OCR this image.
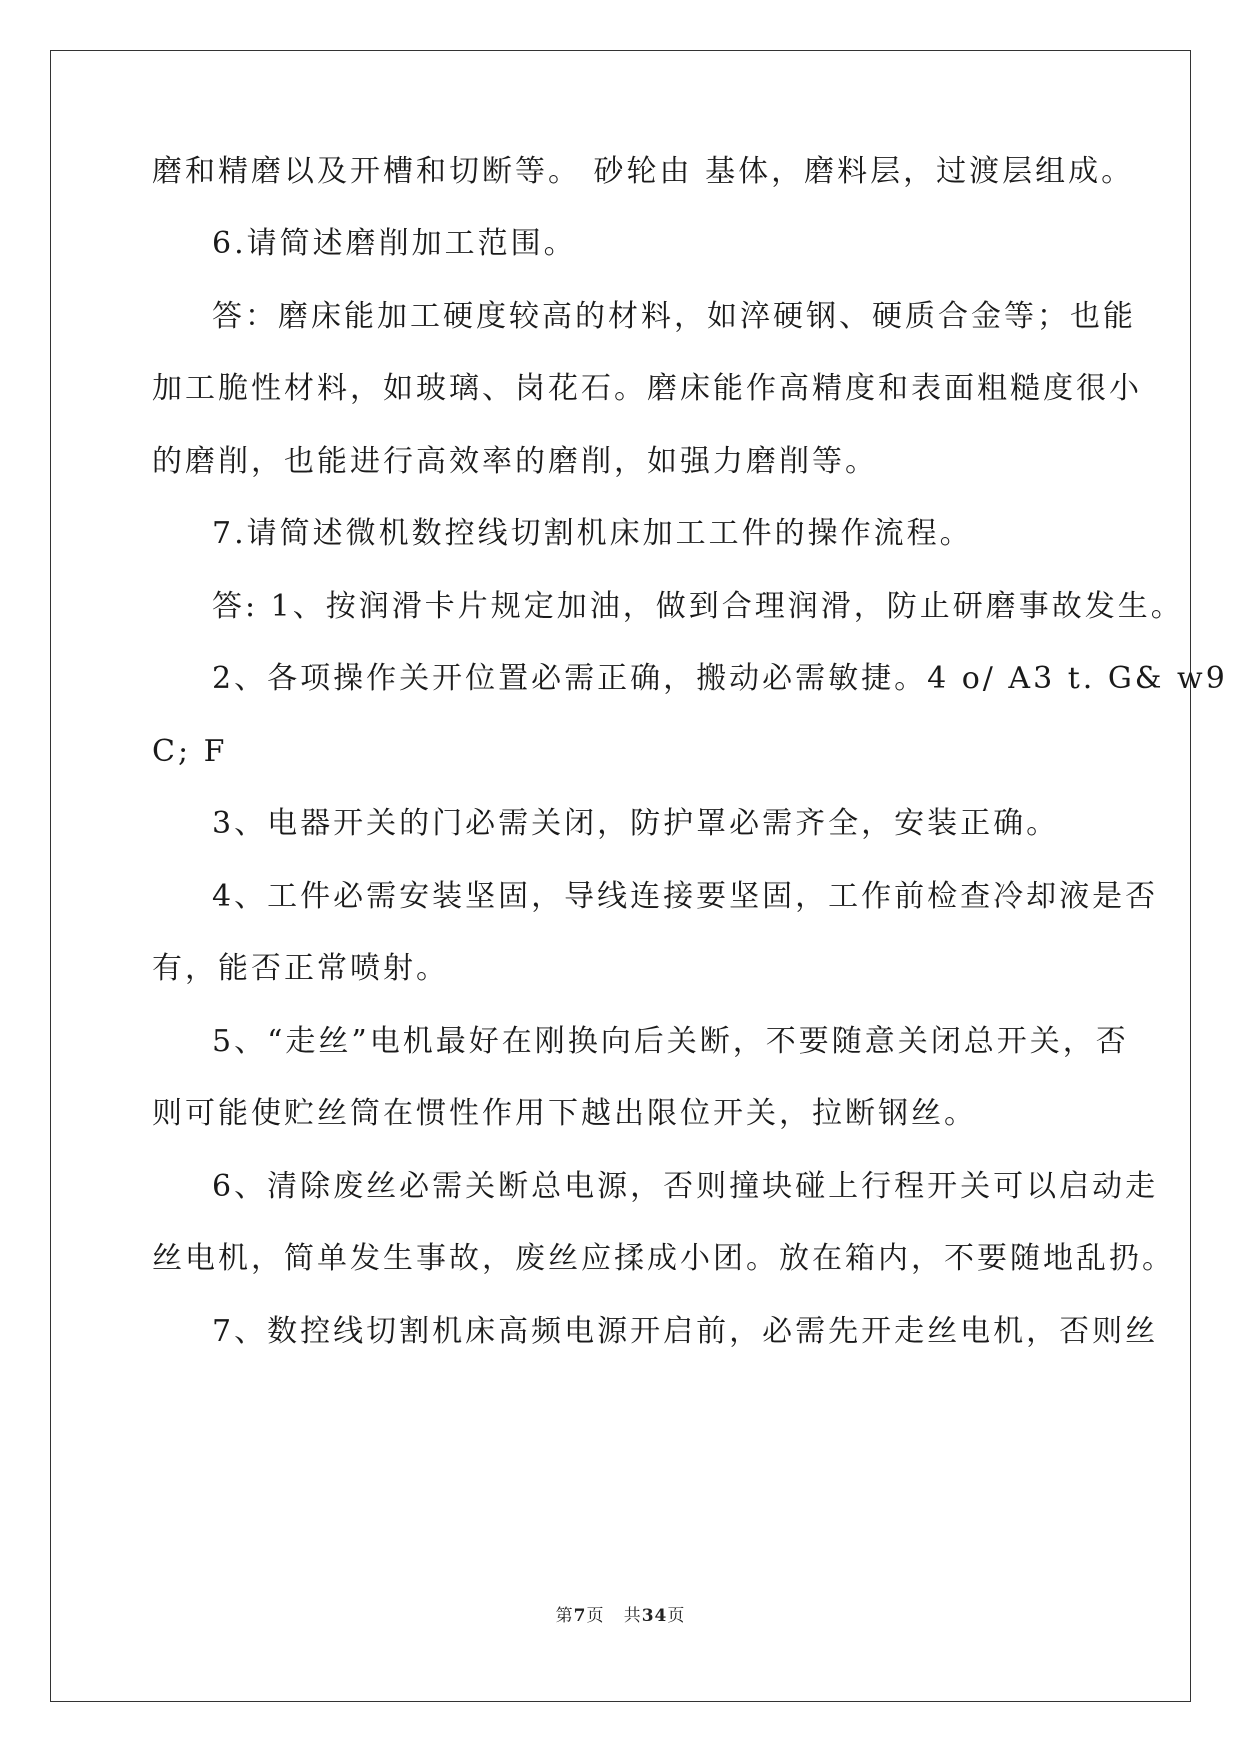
磨和精磨以及开槽和切断等。 砂轮由 基体，磨料层，过渡层组成。
6.请简述磨削加工范围。
答：磨床能加工硬度较高的材料，如淬硬钢、硬质合金等；也能
加工脆性材料，如玻璃、岗花石。磨床能作高精度和表面粗糙度很小
的磨削，也能进行高效率的磨削，如强力磨削等。
7.请简述微机数控线切割机床加工工件的操作流程。
答: 1、按润滑卡片规定加油，做到合理润滑，防止研磨事故发生。
2、各项操作关开位置必需正确，搬动必需敏捷。4 o/ A3 t. G& w9
C; F
3、电器开关的门必需关闭，防护罩必需齐全，安装正确。
4、工件必需安装坚固，导线连接要坚固，工作前检查冷却液是否
有，能否正常喷射。
5、“走丝”电机最好在刚换向后关断，不要随意关闭总开关，否
则可能使贮丝筒在惯性作用下越出限位开关，拉断钢丝。
6、清除废丝必需关断总电源，否则撞块碰上行程开关可以启动走
丝电机，简单发生事故，废丝应揉成小团。放在箱内，不要随地乱扔。
7、数控线切割机床高频电源开启前，必需先开走丝电机，否则丝
第7页 共34页
